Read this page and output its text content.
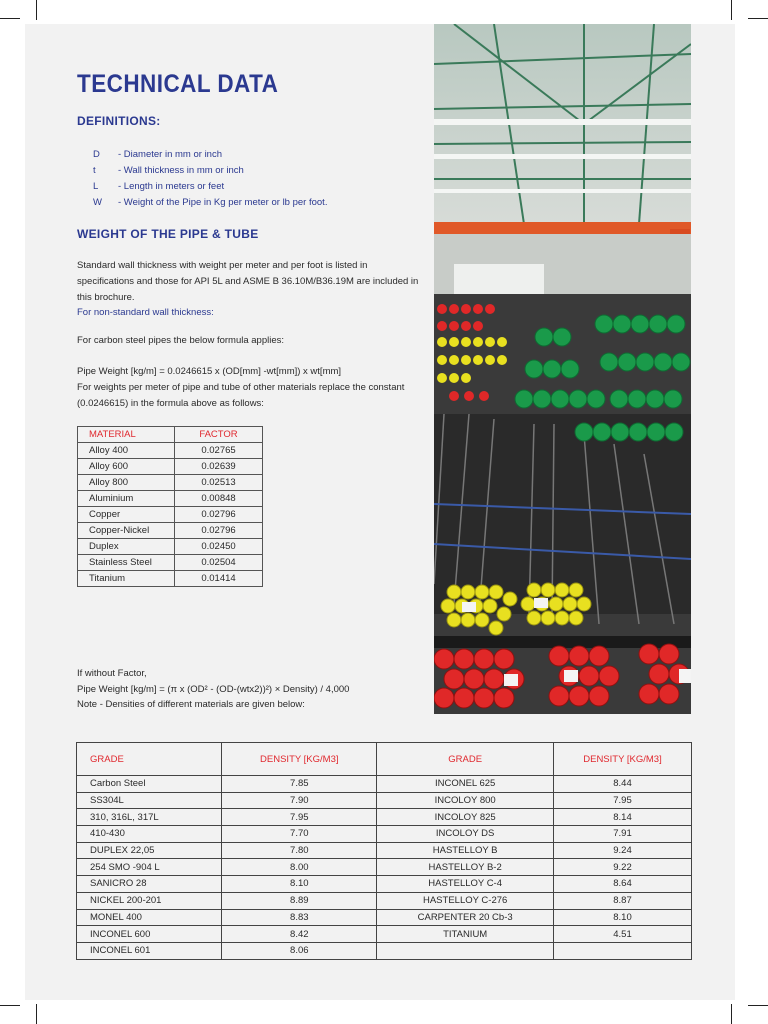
TECHNICAL DATA
DEFINITIONS:
D	- Diameter in mm or inch
t	- Wall thickness in mm or inch
L	- Length in meters or feet
W	- Weight of the Pipe in Kg per meter or lb per foot.
WEIGHT OF THE PIPE & TUBE
Standard wall thickness with weight per meter and per foot is listed in specifications and those for API 5L and ASME B 36.10M/B36.19M are included in this brochure.
For non-standard wall thickness:
For carbon steel pipes the below formula applies:
Pipe Weight [kg/m] = 0.0246615 x (OD[mm] -wt[mm]) x wt[mm]
For weights per meter of pipe and tube of other materials replace the constant (0.0246615) in the formula above as follows:
MATERIAL	FACTOR
Alloy 400	0.02765
Alloy 600	0.02639
Alloy 800	0.02513
Aluminium	0.00848
Copper	0.02796
Copper-Nickel	0.02796
Duplex	0.02450
Stainless Steel	0.02504
Titanium	0.01414
If without Factor,
Pipe Weight [kg/m] = (π x (OD² - (OD-(wtx2))²) × Density) / 4,000
Note - Densities of different materials are given below:
GRADE	DENSITY [KG/M3]	GRADE	DENSITY [KG/M3]
Carbon Steel	7.85	INCONEL 625	8.44
SS304L	7.90	INCOLOY 800	7.95
310, 316L, 317L	7.95	INCOLOY 825	8.14
410-430	7.70	INCOLOY DS	7.91
DUPLEX 22,05	7.80	HASTELLOY B	9.24
254 SMO -904 L	8.00	HASTELLOY B-2	9.22
SANICRO 28	8.10	HASTELLOY C-4	8.64
NICKEL 200-201	8.89	HASTELLOY C-276	8.87
MONEL 400	8.83	CARPENTER 20 Cb-3	8.10
INCONEL 600	8.42	TITANIUM	4.51
INCONEL 601	8.06		
